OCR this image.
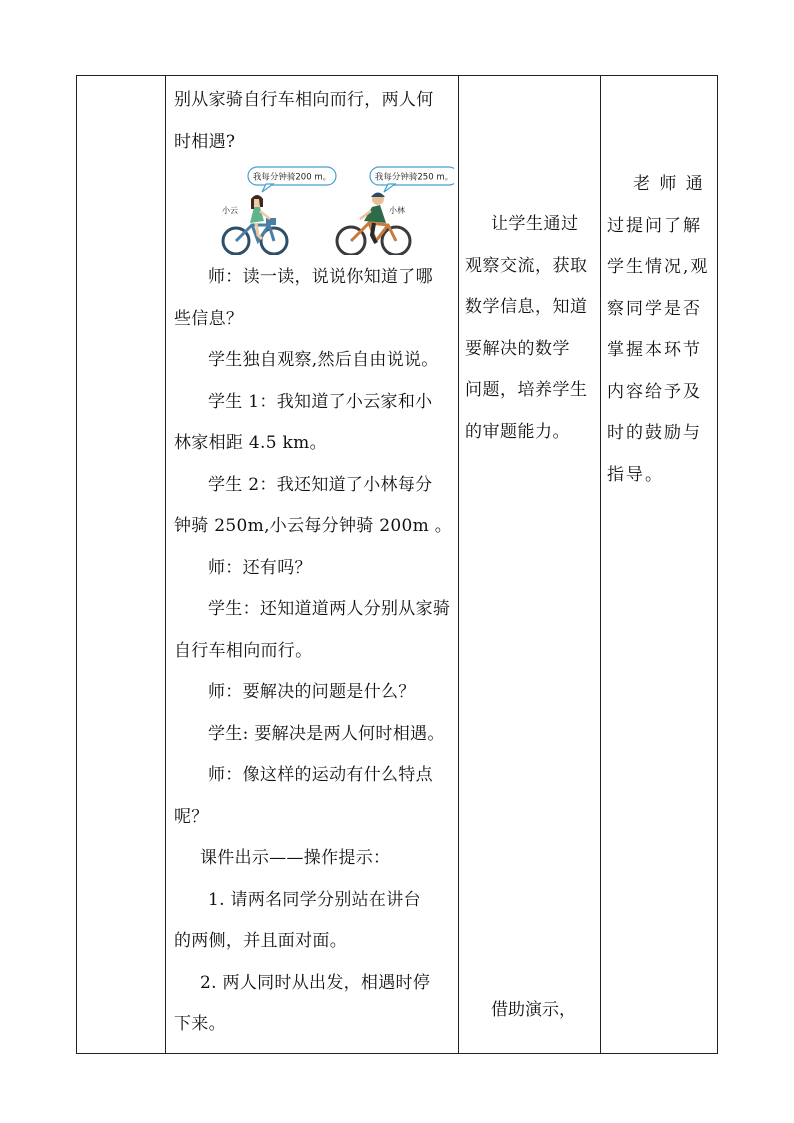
别从家骑自行车相向而行，两人何
时相遇?
我每分钟骑200 m。	我每分钟骑250 m。
小云	小林
师：读一读，说说你知道了哪
些信息？
学生独自观察,然后自由说说。
学生 1：我知道了小云家和小
林家相距 4.5 km。
学生 2：我还知道了小林每分
钟骑 250m,小云每分钟骑 200m 。
师：还有吗？
学生：还知道道两人分别从家骑
自行车相向而行。
师：要解决的问题是什么？
学生: 要解决是两人何时相遇。
师：像这样的运动有什么特点
呢？
课件出示——操作提示：
1. 请两名同学分别站在讲台
的两侧，并且面对面。
2. 两人同时从出发，相遇时停
下来。
让学生通过
观察交流，获取
数学信息，知道
要解决的数学
问题，培养学生
的审题能力。
借助演示，
老 师 通
过提问了解
学生情况,观
察同学是否
掌握本环节
内容给予及
时的鼓励与
指导。
